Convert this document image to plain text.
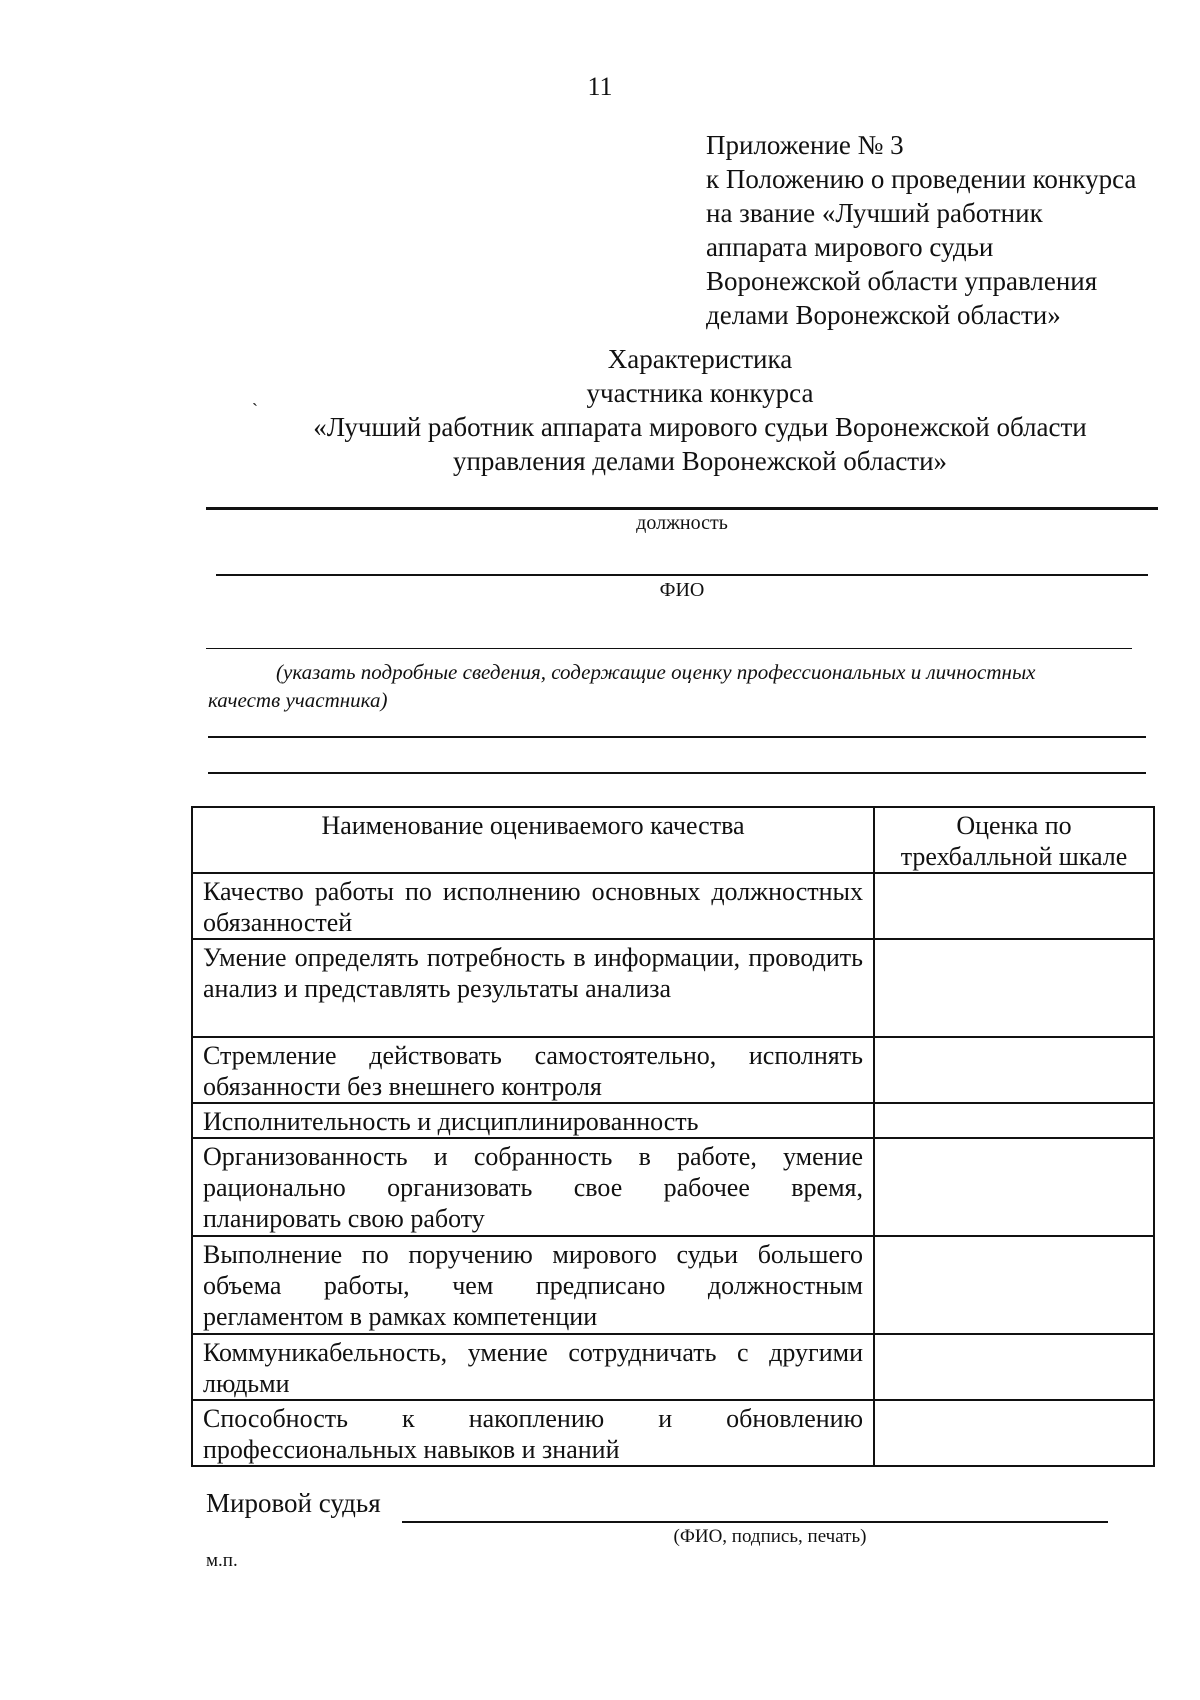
11
Приложение № 3
к Положению о проведении конкурса
на звание «Лучший работник
аппарата мирового судьи
Воронежской области управления
делами Воронежской области»
Характеристика
участника конкурса
«Лучший работник аппарата мирового судьи Воронежской области
управления делами Воронежской области»
ˏ
должность
ФИО
(указать подробные сведения, содержащие оценку профессиональных и личностных
качеств участника)
Наименование оцениваемого качества	Оценка по трехбалльной шкале
Качество работы по исполнению основных должностных обязанностей	
Умение определять потребность в информации, проводить анализ и представлять результаты анализа	
Стремление действовать самостоятельно, исполнять обязанности без внешнего контроля	
Исполнительность и дисциплинированность	
Организованность и собранность в работе, умение рационально организовать свое рабочее время, планировать свою работу	
Выполнение по поручению мирового судьи большего объема работы, чем предписано должностным регламентом в рамках компетенции	
Коммуникабельность, умение сотрудничать с другими людьми	
Способность к накоплению и обновлению профессиональных навыков и знаний	
Мировой судья
(ФИО, подпись, печать)
м.п.
